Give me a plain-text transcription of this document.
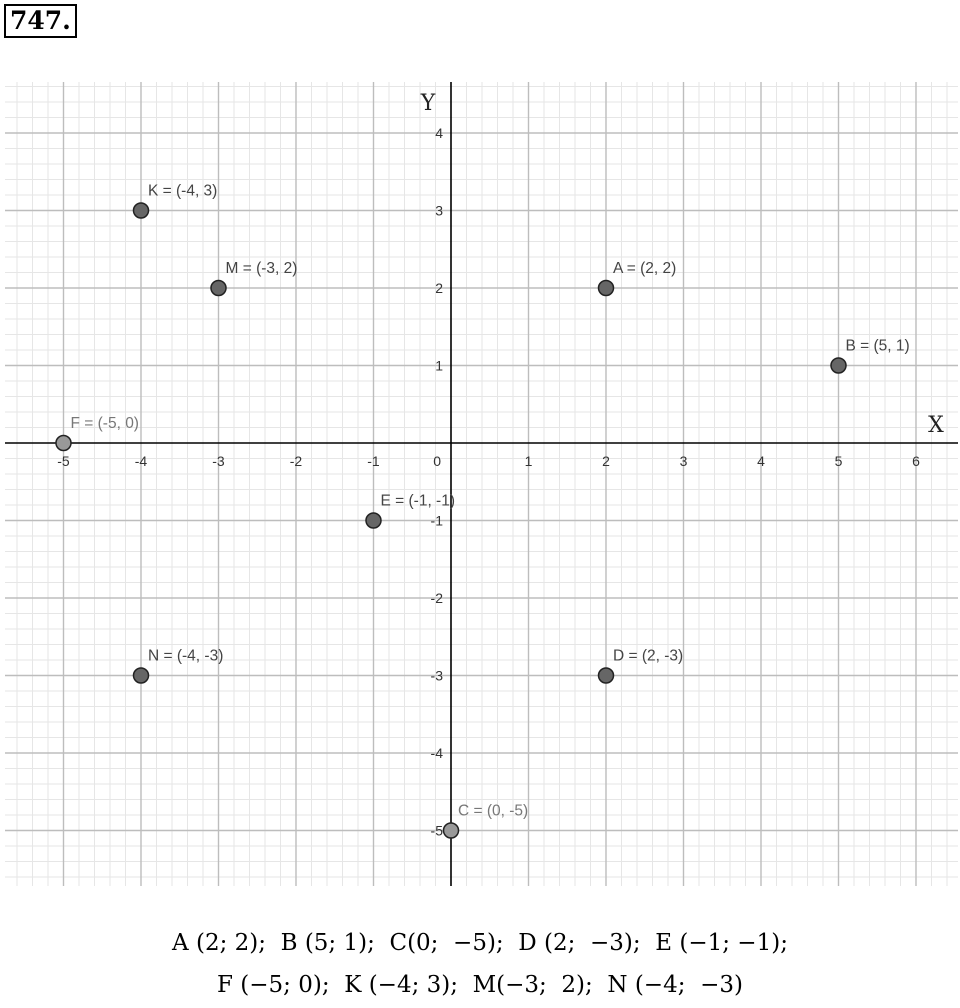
747.
-5	-4	-3	-2	-1	1	2	3	4	5	6
-5
-4
-3
-2
-1
1
2
3
4
0
X
Y
A = (2, 2)
B = (5, 1)
C = (0, -5)
D = (2, -3)
E = (-1, -1)
F = (-5, 0)
K = (-4, 3)
M = (-3, 2)
N = (-4, -3)
A (2; 2);  B (5; 1);  C(0;  −5);  D (2;  −3);  E (−1; −1);
F (−5; 0);  K (−4; 3);  M(−3;  2);  N (−4;  −3)
